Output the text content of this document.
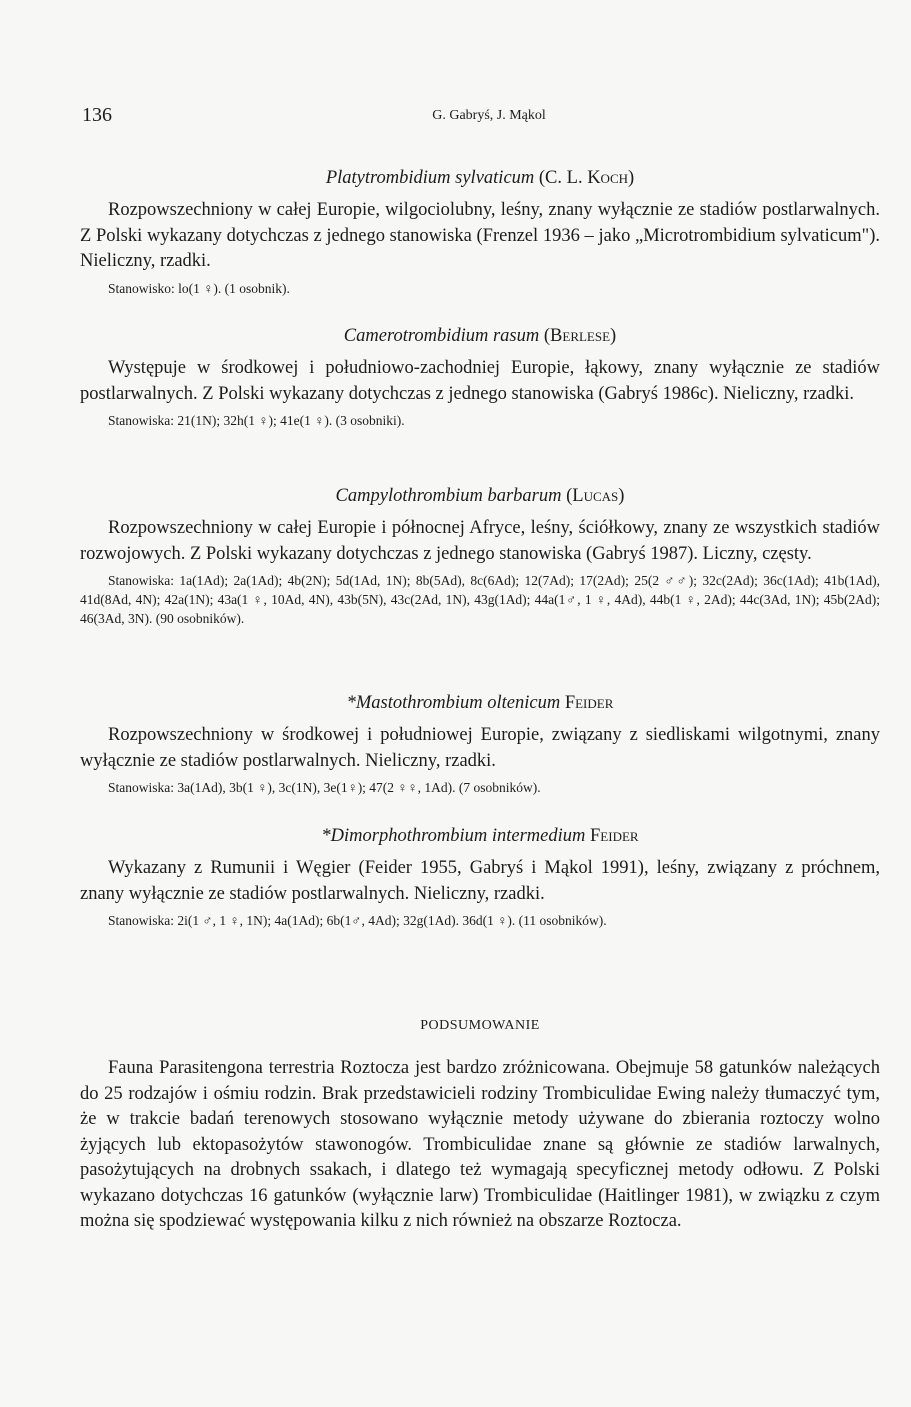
136	G. Gabryś, J. Mąkol
Platytrombidium sylvaticum (C. L. Koch)

Rozpowszechniony w całej Europie, wilgociolubny, leśny, znany wyłącznie ze stadiów postlarwalnych. Z Polski wykazany dotychczas z jednego stanowiska (Frenzel 1936 – jako „Microtrombidium sylvaticum"). Nieliczny, rzadki.

Stanowisko: lo(1 ♀). (1 osobnik).

Camerotrombidium rasum (Berlese)

Występuje w środkowej i południowo-zachodniej Europie, łąkowy, znany wyłącznie ze stadiów postlarwalnych. Z Polski wykazany dotychczas z jednego stanowiska (Gabryś 1986c). Nieliczny, rzadki.

Stanowiska: 21(1N); 32h(1 ♀); 41e(1 ♀). (3 osobniki).

Campylothrombium barbarum (Lucas)

Rozpowszechniony w całej Europie i północnej Afryce, leśny, ściółkowy, znany ze wszystkich stadiów rozwojowych. Z Polski wykazany dotychczas z jednego stanowiska (Gabryś 1987). Liczny, częsty.

Stanowiska: 1a(1Ad); 2a(1Ad); 4b(2N); 5d(1Ad, 1N); 8b(5Ad), 8c(6Ad); 12(7Ad); 17(2Ad); 25(2 ♂♂); 32c(2Ad); 36c(1Ad); 41b(1Ad), 41d(8Ad, 4N); 42a(1N); 43a(1 ♀, 10Ad, 4N), 43b(5N), 43c(2Ad, 1N), 43g(1Ad); 44a(1♂, 1 ♀, 4Ad), 44b(1 ♀, 2Ad); 44c(3Ad, 1N); 45b(2Ad); 46(3Ad, 3N). (90 osobników).

*Mastothrombium oltenicum Feider

Rozpowszechniony w środkowej i południowej Europie, związany z siedliskami wilgotnymi, znany wyłącznie ze stadiów postlarwalnych. Nieliczny, rzadki.

Stanowiska: 3a(1Ad), 3b(1 ♀), 3c(1N), 3e(1♀); 47(2 ♀♀, 1Ad). (7 osobników).

*Dimorphothrombium intermedium Feider

Wykazany z Rumunii i Węgier (Feider 1955, Gabryś i Mąkol 1991), leśny, związany z próchnem, znany wyłącznie ze stadiów postlarwalnych. Nieliczny, rzadki.

Stanowiska: 2i(1 ♂, 1 ♀, 1N); 4a(1Ad); 6b(1♂, 4Ad); 32g(1Ad). 36d(1 ♀). (11 osobników).

PODSUMOWANIE

Fauna Parasitengona terrestria Roztocza jest bardzo zróżnicowana. Obejmuje 58 gatunków należących do 25 rodzajów i ośmiu rodzin. Brak przedstawicieli rodziny Trombiculidae Ewing należy tłumaczyć tym, że w trakcie badań terenowych stosowano wyłącznie metody używane do zbierania roztoczy wolno żyjących lub ektopasożytów stawonogów. Trombiculidae znane są głównie ze stadiów larwalnych, pasożytujących na drobnych ssakach, i dlatego też wymagają specyficznej metody odłowu. Z Polski wykazano dotychczas 16 gatunków (wyłącznie larw) Trombiculidae (Haitlinger 1981), w związku z czym można się spodziewać występowania kilku z nich również na obszarze Roztocza.
